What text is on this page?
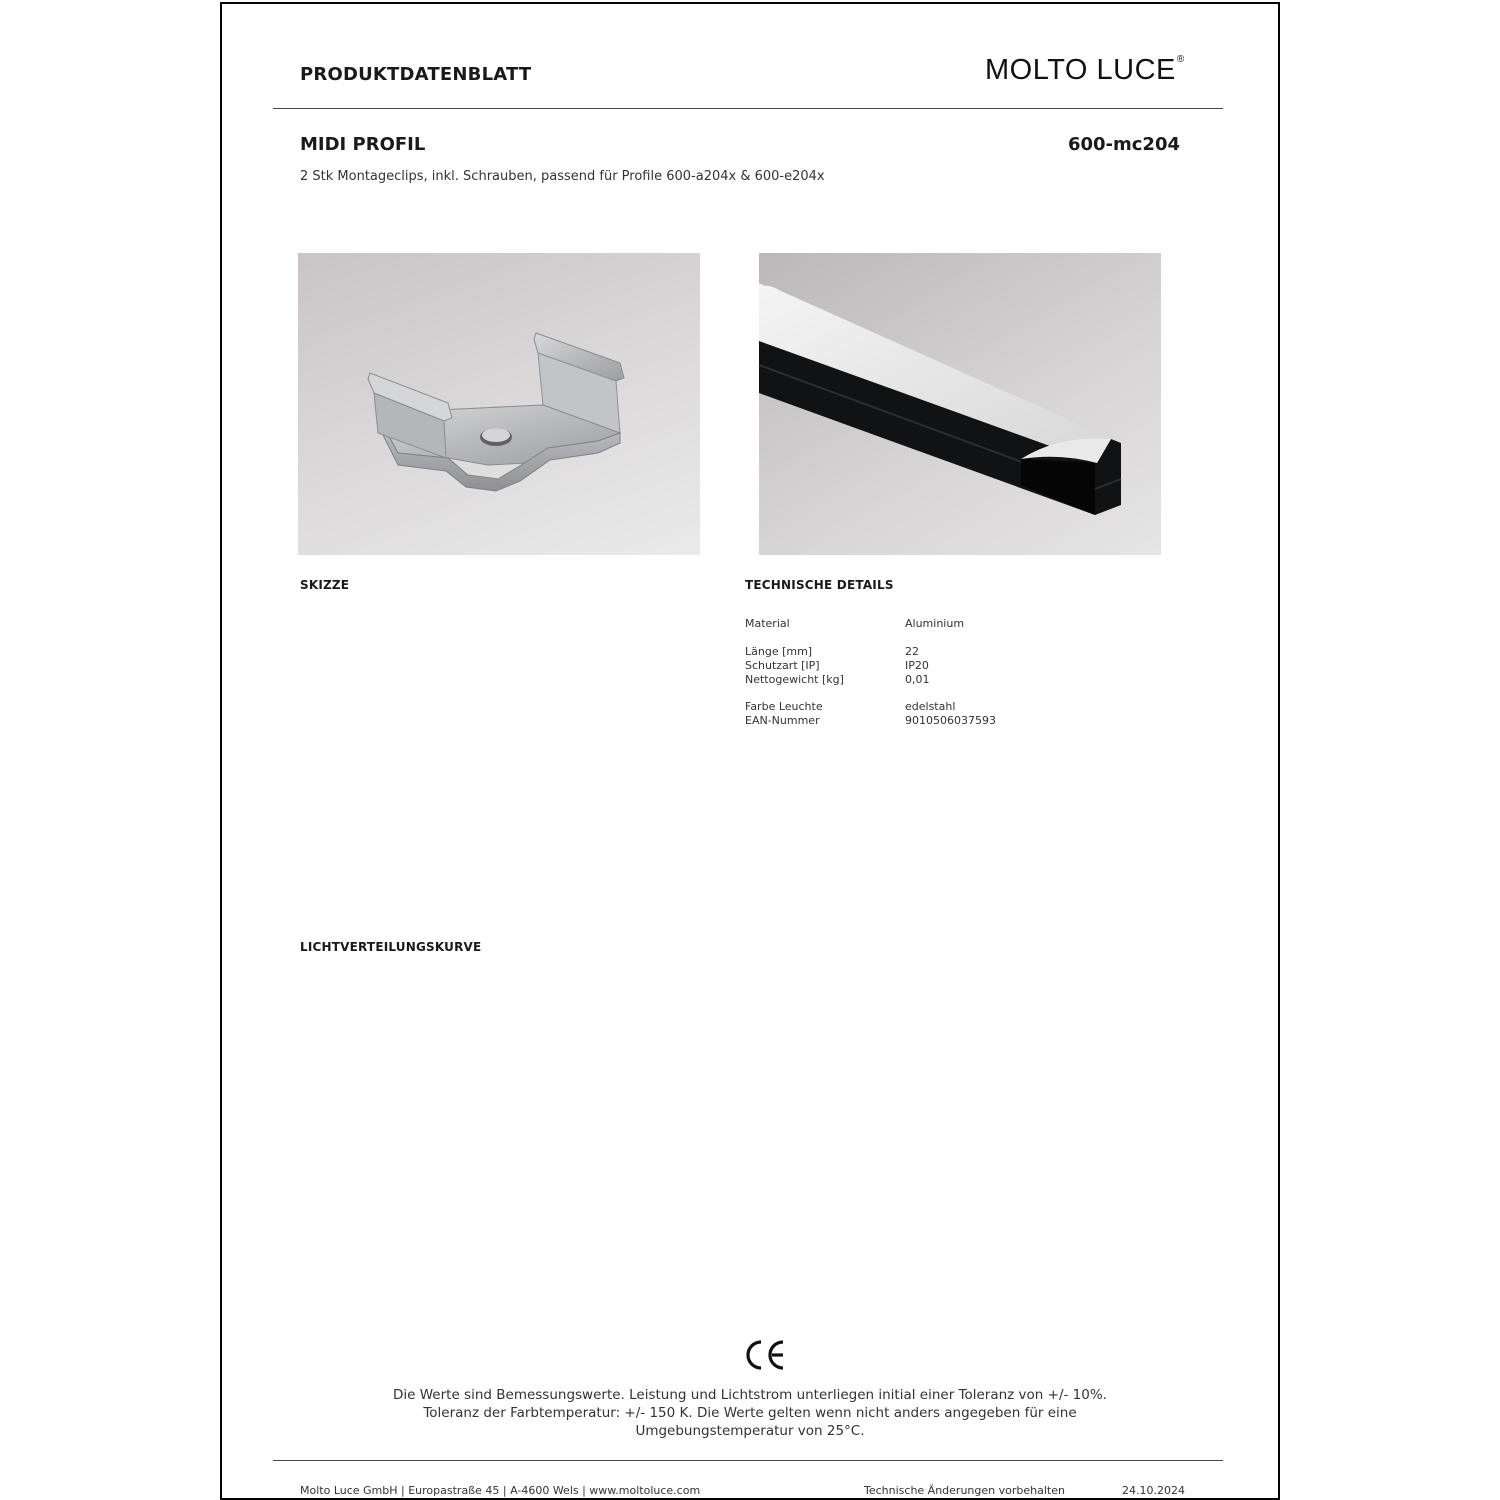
PRODUKTDATENBLATT	MOLTO LUCE®
MIDI PROFIL	600-mc204
2 Stk Montageclips, inkl. Schrauben, passend für Profile 600-a204x & 600-e204x
SKIZZE	TECHNISCHE DETAILS
Material	Aluminium
Länge [mm]	22
Schutzart [IP]	IP20
Nettogewicht [kg]	0,01
Farbe Leuchte	edelstahl
EAN-Nummer	9010506037593
LICHTVERTEILUNGSKURVE
Die Werte sind Bemessungswerte. Leistung und Lichtstrom unterliegen initial einer Toleranz von +/- 10%.
Toleranz der Farbtemperatur: +/- 150 K. Die Werte gelten wenn nicht anders angegeben für eine
Umgebungstemperatur von 25°C.
Molto Luce GmbH | Europastraße 45 | A-4600 Wels | www.moltoluce.com	Technische Änderungen vorbehalten	24.10.2024
